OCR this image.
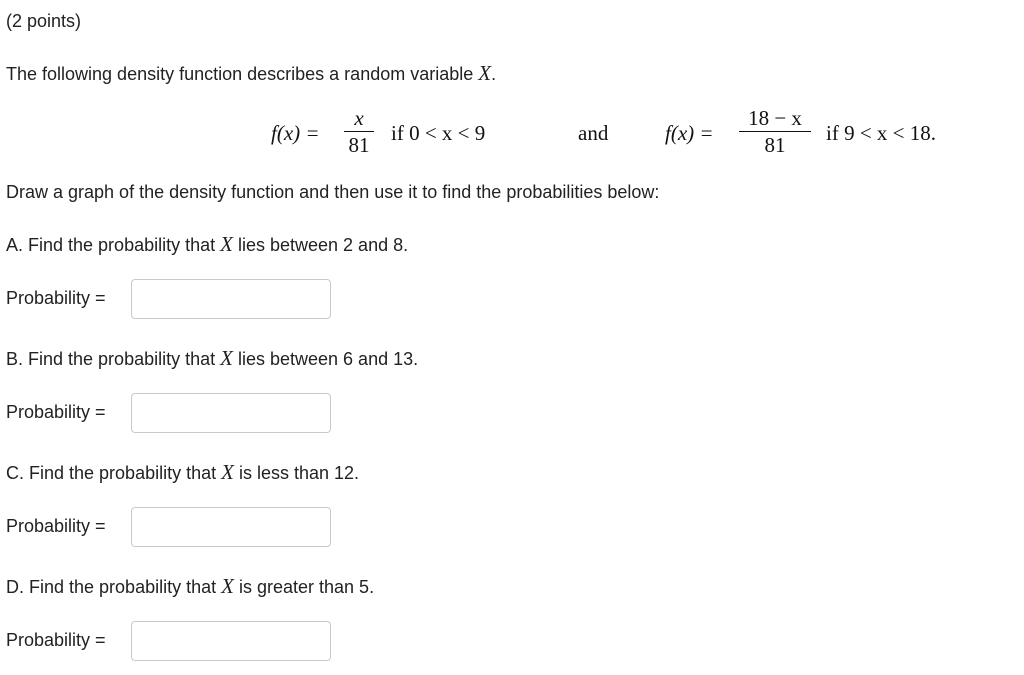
(2 points)
The following density function describes a random variable X.
f(x) =
x
81 if 0 < x < 9	and	f(x) =
18 − x
81	if 9 < x < 18.
Draw a graph of the density function and then use it to find the probabilities below:
A. Find the probability that X lies between 2 and 8.
Probability =
B. Find the probability that X lies between 6 and 13.
Probability =
C. Find the probability that X is less than 12.
Probability =
D. Find the probability that X is greater than 5.
Probability =
